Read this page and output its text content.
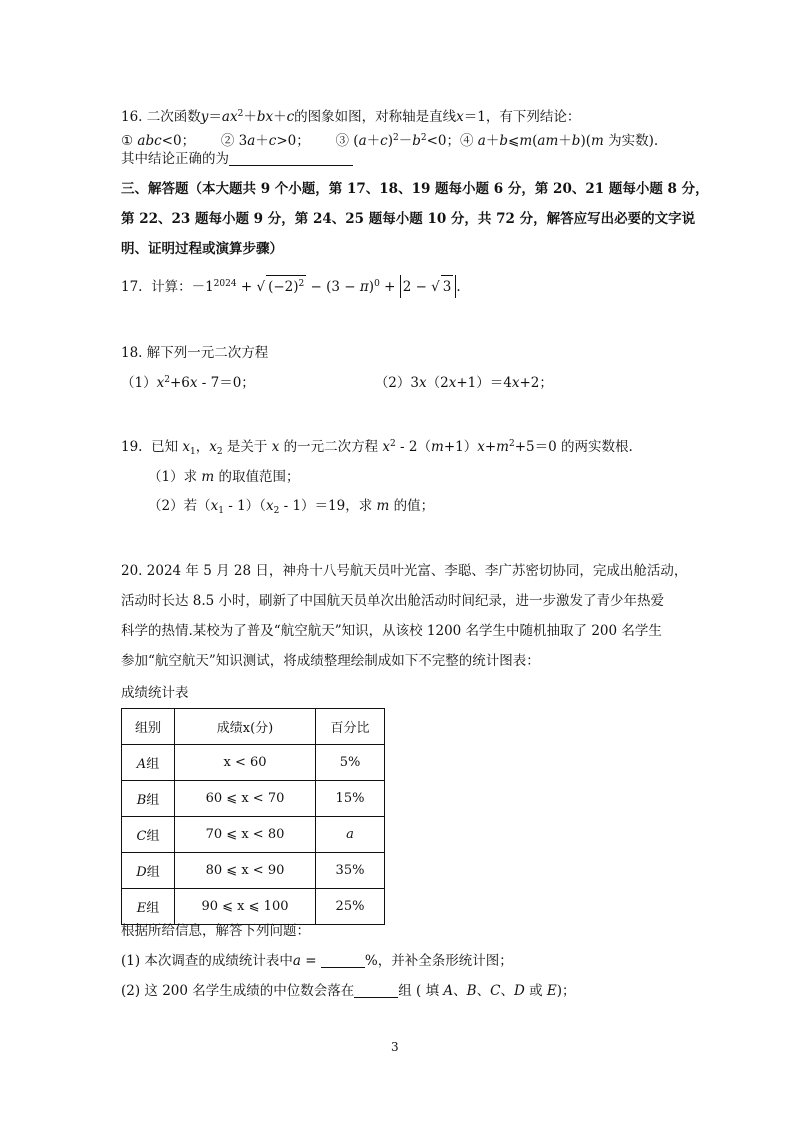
16. 二次函数$y=ax^2+bx+c$的图象如图，对称轴是直线x＝1，有下列结论：
① abc<0；      ② 3a＋c>0；      ③ $(a+c)^2-b^2<0$；④ a＋b⩽m(am＋b)(m 为实数).
其中结论正确的为
三、解答题（本大题共 9 个小题，第 17、18、19 题每小题 6 分，第 20、21 题每小题 8 分，
第 22、23 题每小题 9 分，第 24、25 题每小题 10 分，共 72 分，解答应写出必要的文字说
明、证明过程或演算步骤）
17. 计算：$-1^{2024}$ + √ $(-2)^2 - (3 - \pi)^0 + 2$ − √ 3 .
18. 解下列一元二次方程
$(1)x^2+6x - 7=0$；	（2）3x（2x+1）＝4x+2；
19. 已知 $x_1$，$x_2$ 是关于 x 的一元二次方程 $x^2 - 2(m+1)x+m^2+5=0$ 的两实数根.
（1）求 m 的取值范围；
（2）若$(x_1 - 1)(x_2 - 1)=19$，求 m 的值；
20. 2024 年 5 月 28 日，神舟十八号航天员叶光富、李聪、李广苏密切协同，完成出舱活动，
活动时长达 8.5 小时，刷新了中国航天员单次出舱活动时间纪录，进一步激发了青少年热爱
科学的热情.某校为了普及“航空航天”知识，从该校 1200 名学生中随机抽取了 200 名学生
参加“航空航天”知识测试，将成绩整理绘制成如下不完整的统计图表：
成绩统计表
组别	成绩x(分)	百分比
A组	x < 60	5%
B组	60 ⩽ x < 70	15%
C组	70 ⩽ x < 80	a
D组	80 ⩽ x < 90	35%
E组	90 ⩽ x ⩽ 100	25%
根据所给信息，解答下列问题：
(1) 本次调查的成绩统计表中a =	%，并补全条形统计图；
(2) 这 200 名学生成绩的中位数会落在	组 ( 填 A、B、C、D 或 E)；
3
